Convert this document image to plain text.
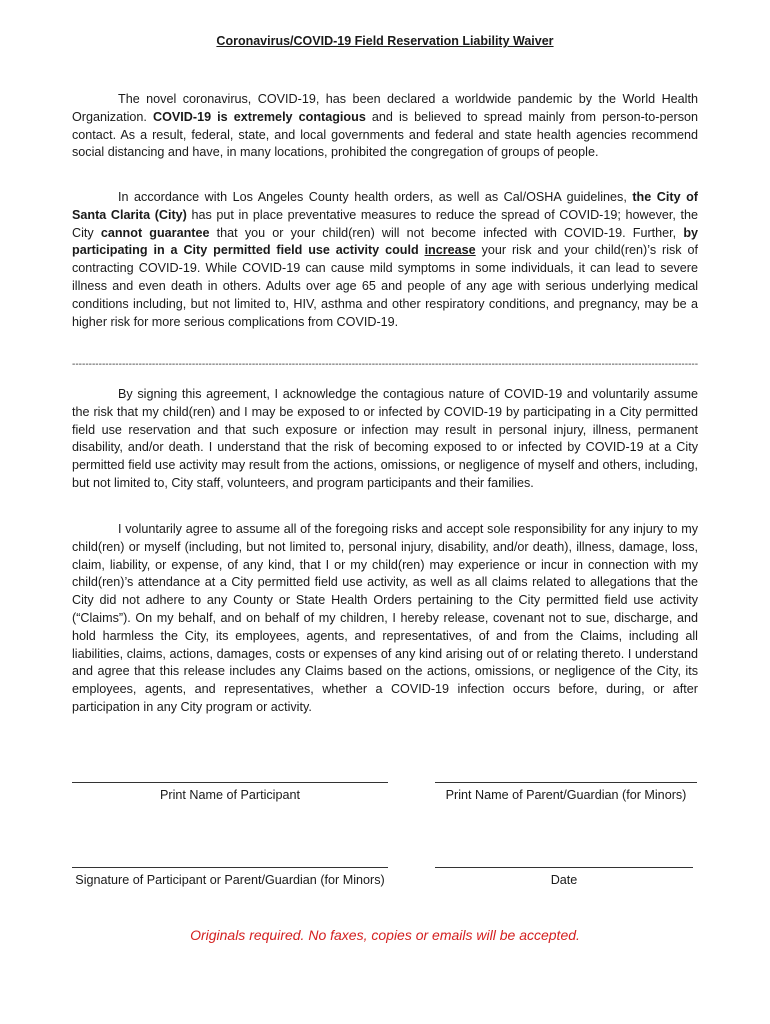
Coronavirus/COVID-19 Field Reservation Liability Waiver

The novel coronavirus, COVID-19, has been declared a worldwide pandemic by the World Health Organization. COVID-19 is extremely contagious and is believed to spread mainly from person-to-person contact. As a result, federal, state, and local governments and federal and state health agencies recommend social distancing and have, in many locations, prohibited the congregation of groups of people.

In accordance with Los Angeles County health orders, as well as Cal/OSHA guidelines, the City of Santa Clarita (City) has put in place preventative measures to reduce the spread of COVID-19; however, the City cannot guarantee that you or your child(ren) will not become infected with COVID-19. Further, by participating in a City permitted field use activity could increase your risk and your child(ren)’s risk of contracting COVID-19. While COVID-19 can cause mild symptoms in some individuals, it can lead to severe illness and even death in others. Adults over age 65 and people of any age with serious underlying medical conditions including, but not limited to, HIV, asthma and other respiratory conditions, and pregnancy, may be a higher risk for more serious complications from COVID-19.

--------------------------------------------------------------------------------------------------------------------------------------------------------------------------------------------

By signing this agreement, I acknowledge the contagious nature of COVID-19 and voluntarily assume the risk that my child(ren) and I may be exposed to or infected by COVID-19 by participating in a City permitted field use reservation and that such exposure or infection may result in personal injury, illness, permanent disability, and/or death. I understand that the risk of becoming exposed to or infected by COVID-19 at a City permitted field use activity may result from the actions, omissions, or negligence of myself and others, including, but not limited to, City staff, volunteers, and program participants and their families.

I voluntarily agree to assume all of the foregoing risks and accept sole responsibility for any injury to my child(ren) or myself (including, but not limited to, personal injury, disability, and/or death), illness, damage, loss, claim, liability, or expense, of any kind, that I or my child(ren) may experience or incur in connection with my child(ren)’s attendance at a City permitted field use activity, as well as all claims related to allegations that the City did not adhere to any County or State Health Orders pertaining to the City permitted field use activity (“Claims”). On my behalf, and on behalf of my children, I hereby release, covenant not to sue, discharge, and hold harmless the City, its employees, agents, and representatives, of and from the Claims, including all liabilities, claims, actions, damages, costs or expenses of any kind arising out of or relating thereto. I understand and agree that this release includes any Claims based on the actions, omissions, or negligence of the City, its employees, agents, and representatives, whether a COVID-19 infection occurs before, during, or after participation in any City program or activity.

Print Name of Participant	Print Name of Parent/Guardian (for Minors)
Signature of Participant or Parent/Guardian (for Minors)	Date
Originals required. No faxes, copies or emails will be accepted.
